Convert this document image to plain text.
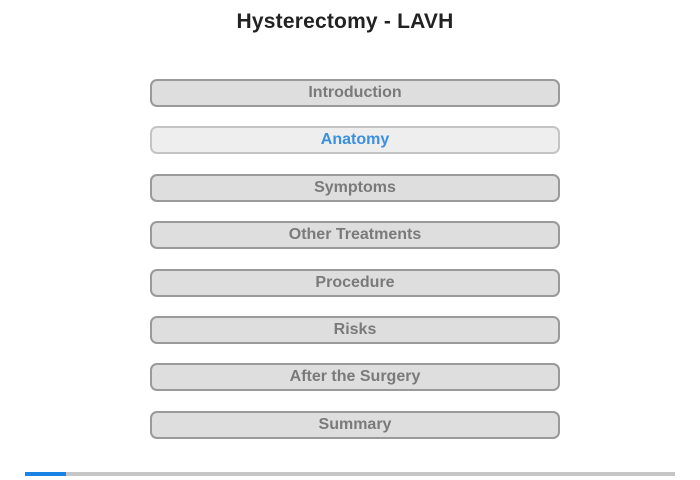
Hysterectomy - LAVH
Introduction
Anatomy
Symptoms
Other Treatments
Procedure
Risks
After the Surgery
Summary
